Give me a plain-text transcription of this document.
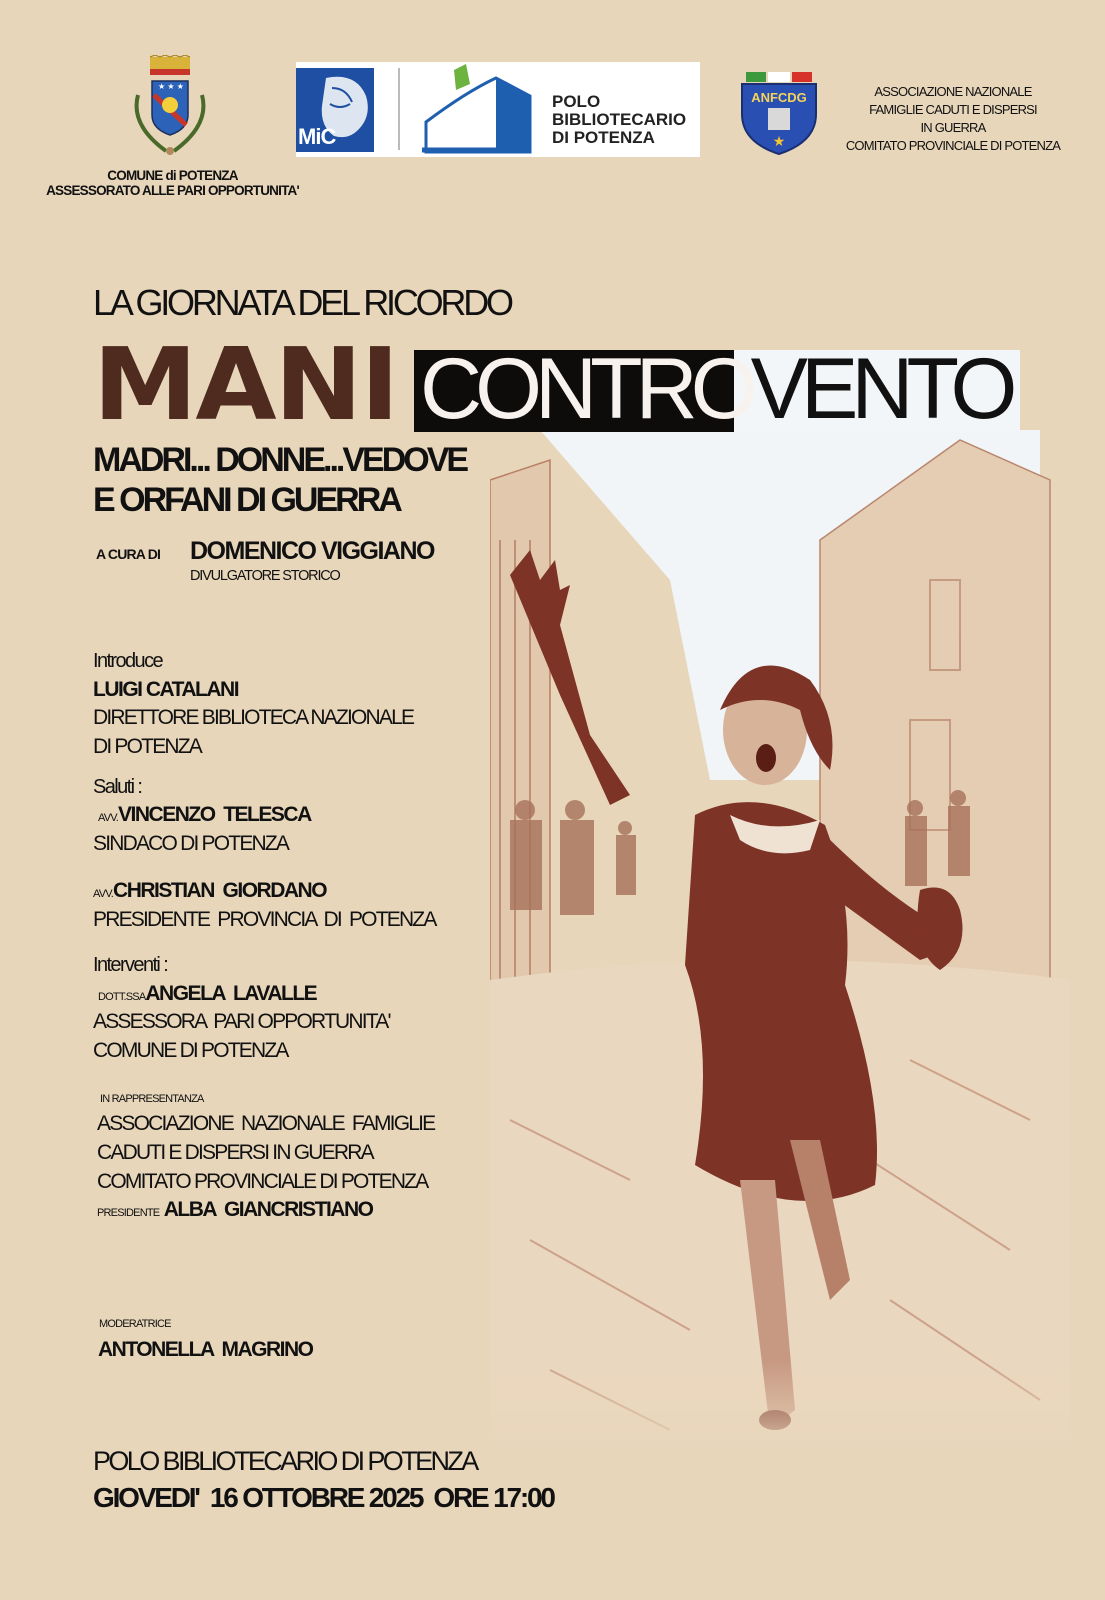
★ ★ ★
COMUNE di POTENZA
ASSESSORATO ALLE PARI OPPORTUNITA'
MiC
POLO
BIBLIOTECARIO
DI POTENZA
ANFCDG
★
ASSOCIAZIONE NAZIONALE
FAMIGLIE CADUTI E DISPERSI
IN GUERRA
COMITATO PROVINCIALE DI POTENZA
LA GIORNATA DEL RICORDO
MANI CONTROVENTO
MADRI... DONNE...VEDOVE
E ORFANI DI GUERRA
A CURA DI DOMENICO VIGGIANO
DIVULGATORE STORICO
Introduce
LUIGI CATALANI
DIRETTORE BIBLIOTECA NAZIONALE
DI POTENZA
Saluti :
AVV.VINCENZO  TELESCA
SINDACO DI POTENZA
AVV.CHRISTIAN  GIORDANO
PRESIDENTE  PROVINCIA  DI  POTENZA
Interventi :
DOTT.SSAANGELA  LAVALLE
ASSESSORA  PARI OPPORTUNITA'
COMUNE DI POTENZA
IN RAPPRESENTANZA
ASSOCIAZIONE  NAZIONALE  FAMIGLIE
CADUTI E DISPERSI IN GUERRA
COMITATO PROVINCIALE DI POTENZA
PRESIDENTE ALBA  GIANCRISTIANO
MODERATRICE
ANTONELLA  MAGRINO
POLO BIBLIOTECARIO DI POTENZA
GIOVEDI'  16 OTTOBRE 2025  ORE 17:00
